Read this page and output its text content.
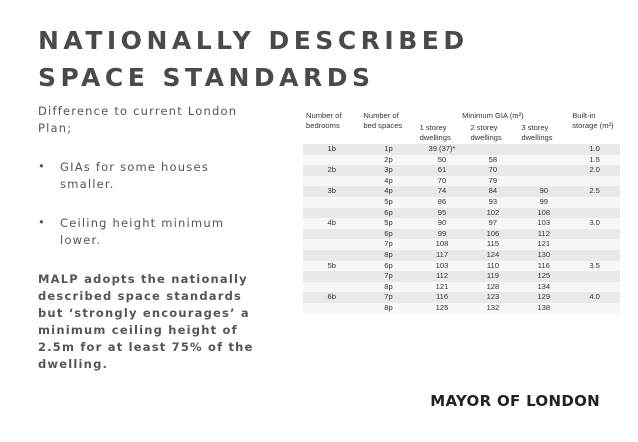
NATIONALLY DESCRIBED
SPACE STANDARDS

Difference to current London Plan;

•	GIAs for some houses smaller.
•	Ceiling height minimum lower.

MALP adopts the nationally described space standards but ‘strongly encourages’ a minimum ceiling height of 2.5m for at least 75% of the dwelling.

Number of bedrooms	Number of bed spaces	Minimum GIA (m²)			Built-in storage (m²)
		1 storey dwellings	2 storey dwellings	3 storey dwellings	
1b	1p	39 (37)*			1.0
	2p	50	58		1.5
2b	3p	61	70		2.0
	4p	70	79		
3b	4p	74	84	90	2.5
	5p	86	93	99	
	6p	95	102	108	
4b	5p	90	97	103	3.0
	6p	99	106	112	
	7p	108	115	121	
	8p	117	124	130	
5b	6p	103	110	116	3.5
	7p	112	119	125	
	8p	121	128	134	
6b	7p	116	123	129	4.0
	8p	125	132	138	
MAYOR OF LONDON
